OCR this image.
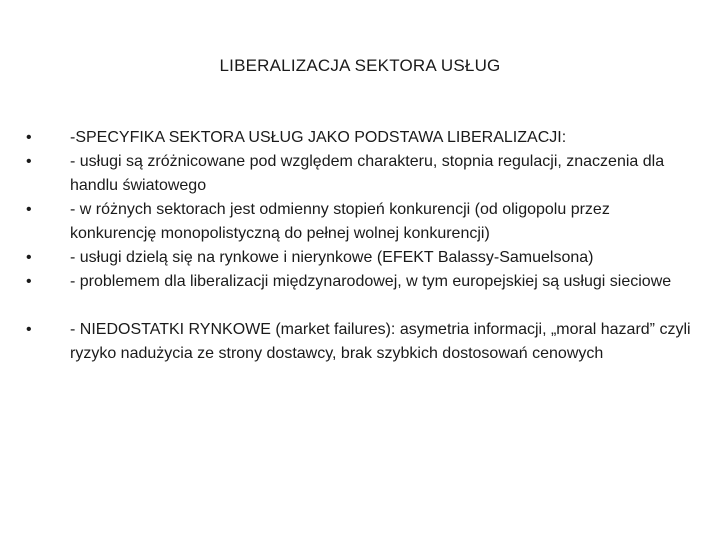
LIBERALIZACJA SEKTORA USŁUG
•	-SPECYFIKA SEKTORA USŁUG JAKO PODSTAWA LIBERALIZACJI:
•	- usługi są zróżnicowane pod względem charakteru, stopnia regulacji, znaczenia dla handlu światowego
•	- w różnych sektorach jest odmienny stopień konkurencji (od oligopolu przez konkurencję monopolistyczną do pełnej wolnej konkurencji)
•	- usługi dzielą się na rynkowe i nierynkowe (EFEKT Balassy-Samuelsona)
•	- problemem dla liberalizacji międzynarodowej, w tym europejskiej są usługi sieciowe
•	- NIEDOSTATKI RYNKOWE (market failures): asymetria informacji, „moral hazard” czyli ryzyko nadużycia ze strony dostawcy, brak szybkich dostosowań cenowych
